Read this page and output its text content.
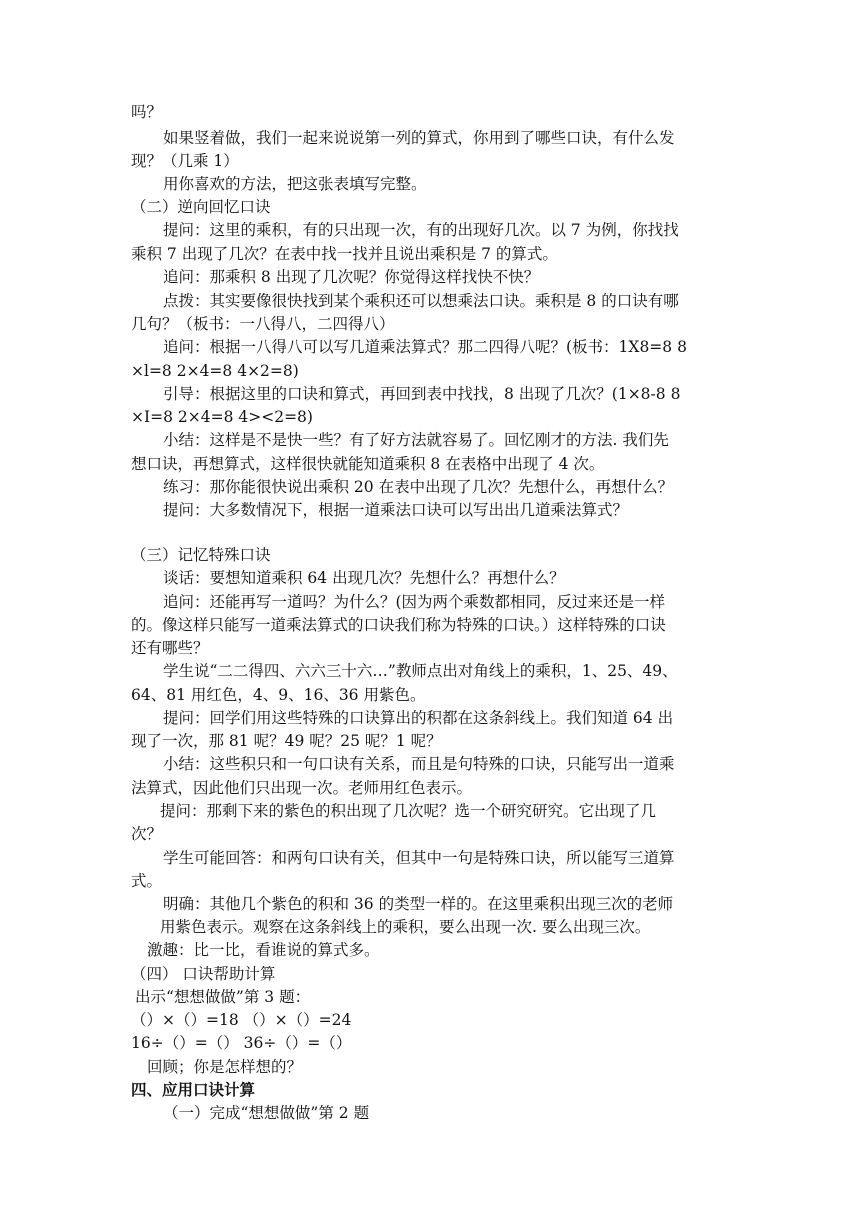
吗？

如果竖着做，我们一起来说说第一列的算式，你用到了哪些口诀，有什么发

现？（几乘 1）

用你喜欢的方法，把这张表填写完整。

（二）逆向回忆口诀

提问：这里的乘积，有的只出现一次，有的出现好几次。以 7 为例，你找找

乘积 7 出现了几次？在表中找一找并且说出乘积是 7 的算式。

追问：那乘积 8 出现了几次呢？你觉得这样找快不快？

点拨：其实要像很快找到某个乘积还可以想乘法口诀。乘积是 8 的口诀有哪

几句？（板书：一八得八，二四得八）

追问：根据一八得八可以写几道乘法算式？那二四得八呢？(板书：1X8=8 8

×l=8 2×4=8 4×2=8)

引导：根据这里的口诀和算式，再回到表中找找，8 出现了几次？(1×8-8 8

×I=8 2×4=8 4><2=8)

小结：这样是不是快一些？有了好方法就容易了。回忆刚才的方法. 我们先

想口诀，再想算式，这样很快就能知道乘积 8 在表格中出现了 4 次。

练习：那你能很快说出乘积 20 在表中出现了几次？先想什么，再想什么？

提问：大多数情况下，根据一道乘法口诀可以写出出几道乘法算式？

（三）记忆特殊口诀

谈话：要想知道乘积 64 出现几次？先想什么？再想什么？

追问：还能再写一道吗？为什么？(因为两个乘数都相同，反过来还是一样

的。像这样只能写一道乘法算式的口诀我们称为特殊的口诀。）这样特殊的口诀

还有哪些？

学生说“二二得四、六六三十六…”教师点出对角线上的乘积，1、25、49、

64、81 用红色，4、9、16、36 用紫色。

提问：回学们用这些特殊的口诀算出的积都在这条斜线上。我们知道 64 出

现了一次，那 81 呢？49 呢？25 呢？1 呢？

小结：这些积只和一句口诀有关系，而且是句特殊的口诀，只能写出一道乘

法算式，因此他们只出现一次。老师用红色表示。

提问：那剩下来的紫色的积出现了几次呢？选一个研究研究。它出现了几

次？

学生可能回答：和两句口诀有关，但其中一句是特殊口诀，所以能写三道算

式。

明确：其他几个紫色的积和 36 的类型一样的。在这里乘积出现三次的老师

用紫色表示。观察在这条斜线上的乘积，要么出现一次. 要么出现三次。

激趣：比一比，看谁说的算式多。

（四） 口诀帮助计算

出示“想想做做”第 3 题：

（）×（）=18 （）×（）=24

16÷（）=（） 36÷（）=（）

回顾；你是怎样想的？

四、应用口诀计算

（一）完成“想想做做”第 2 题
